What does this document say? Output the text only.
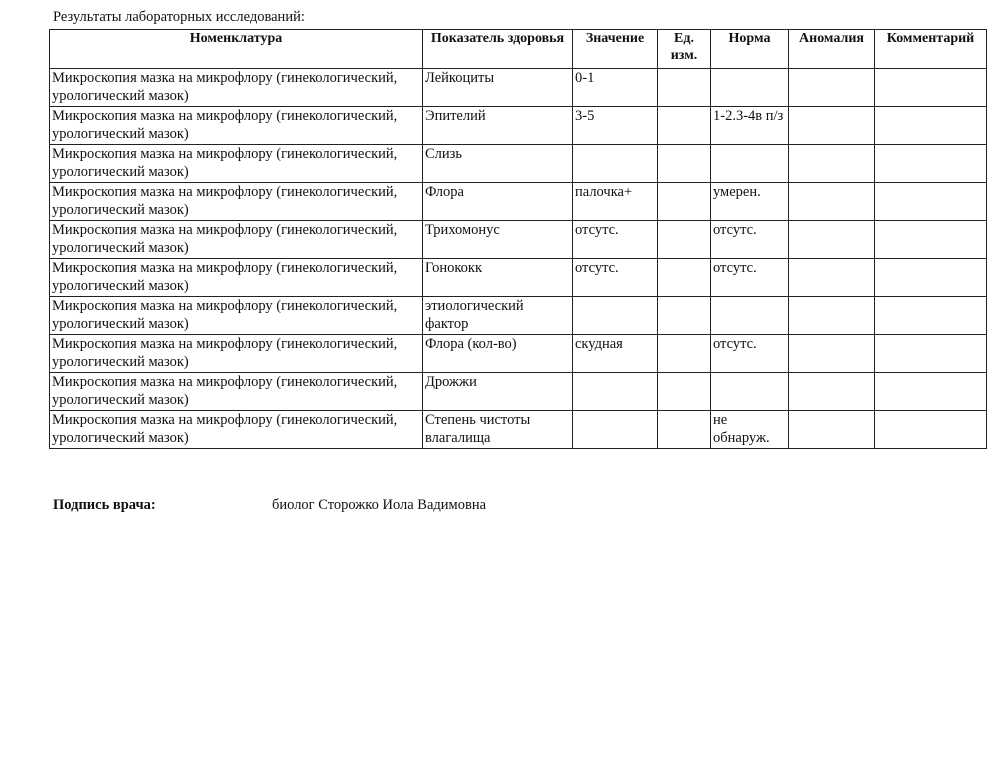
Результаты лабораторных исследований:
Номенклатура	Показатель здоровья	Значение	Ед. изм.	Норма	Аномалия	Комментарий
Микроскопия мазка на микрофлору (гинекологический, урологический мазок)	Лейкоциты	0-1				
Микроскопия мазка на микрофлору (гинекологический, урологический мазок)	Эпителий	3-5		1-2.3-4в п/з		
Микроскопия мазка на микрофлору (гинекологический, урологический мазок)	Слизь					
Микроскопия мазка на микрофлору (гинекологический, урологический мазок)	Флора	палочка+		умерен.		
Микроскопия мазка на микрофлору (гинекологический, урологический мазок)	Трихомонус	отсутс.		отсутс.		
Микроскопия мазка на микрофлору (гинекологический, урологический мазок)	Гонококк	отсутс.		отсутс.		
Микроскопия мазка на микрофлору (гинекологический, урологический мазок)	этиологический фактор					
Микроскопия мазка на микрофлору (гинекологический, урологический мазок)	Флора (кол-во)	скудная		отсутс.		
Микроскопия мазка на микрофлору (гинекологический, урологический мазок)	Дрожжи					
Микроскопия мазка на микрофлору (гинекологический, урологический мазок)	Степень чистоты влагалища			не обнаруж.		
Подпись врача:	биолог Сторожко Иола Вадимовна
